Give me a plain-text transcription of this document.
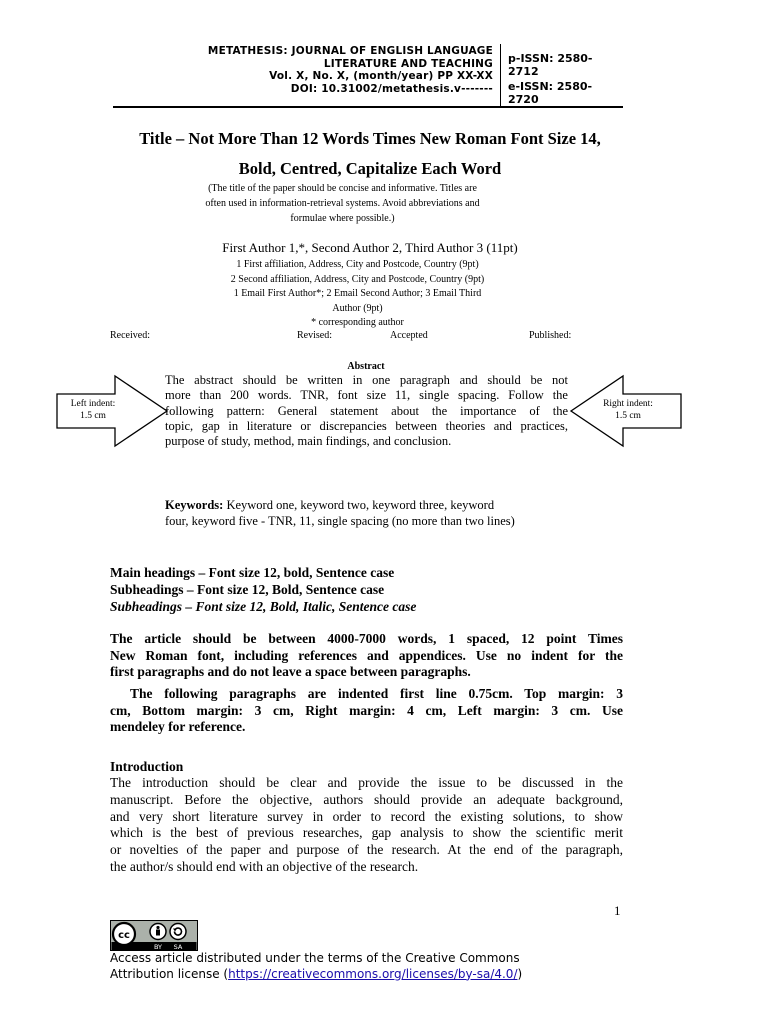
METATHESIS: JOURNAL OF ENGLISH LANGUAGE
LITERATURE AND TEACHING
Vol. X, No. X, (month/year) PP XX-XX
DOI: 10.31002/metathesis.v-------
p-ISSN: 2580-
2712
e-ISSN: 2580-
2720
Title – Not More Than 12 Words Times New Roman Font Size 14,
Bold, Centred, Capitalize Each Word
(The title of the paper should be concise and informative. Titles are
often used in information-retrieval systems. Avoid abbreviations and
formulae where possible.)
First Author 1,*, Second Author 2, Third Author 3 (11pt)
1 First affiliation, Address, City and Postcode, Country (9pt)
2 Second affiliation, Address, City and Postcode, Country (9pt)
1 Email First Author*; 2 Email Second Author; 3 Email Third
Author (9pt)
* corresponding author
Received:	Revised:	Accepted	Published:
Abstract
Left indent:
1.5 cm
Right indent:
1.5 cm
The abstract should be written in one paragraph and should be not
more than 200 words. TNR, font size 11, single spacing. Follow the
following pattern: General statement about the importance of the
topic, gap in literature or discrepancies between theories and practices,
purpose of study, method, main findings, and conclusion.
Keywords: Keyword one, keyword two, keyword three, keyword
four, keyword five - TNR, 11, single spacing (no more than two lines)
Main headings – Font size 12, bold, Sentence case
Subheadings – Font size 12, Bold, Sentence case
Subheadings – Font size 12, Bold, Italic, Sentence case
The article should be between 4000-7000 words, 1 spaced, 12 point Times
New Roman font, including references and appendices. Use no indent for the
first paragraphs and do not leave a space between paragraphs.
The following paragraphs are indented first line 0.75cm. Top margin: 3
cm, Bottom margin: 3 cm, Right margin: 4 cm, Left margin: 3 cm. Use
mendeley for reference.
Introduction
The introduction should be clear and provide the issue to be discussed in the
manuscript. Before the objective, authors should provide an adequate background,
and very short literature survey in order to record the existing solutions, to show
which is the best of previous researches, gap analysis to show the scientific merit
or novelties of the paper and purpose of the research. At the end of the paragraph,
the author/s should end with an objective of the research.
1
cc
BY SA
Access article distributed under the terms of the Creative Commons
Attribution license (https://creativecommons.org/licenses/by-sa/4.0/)
